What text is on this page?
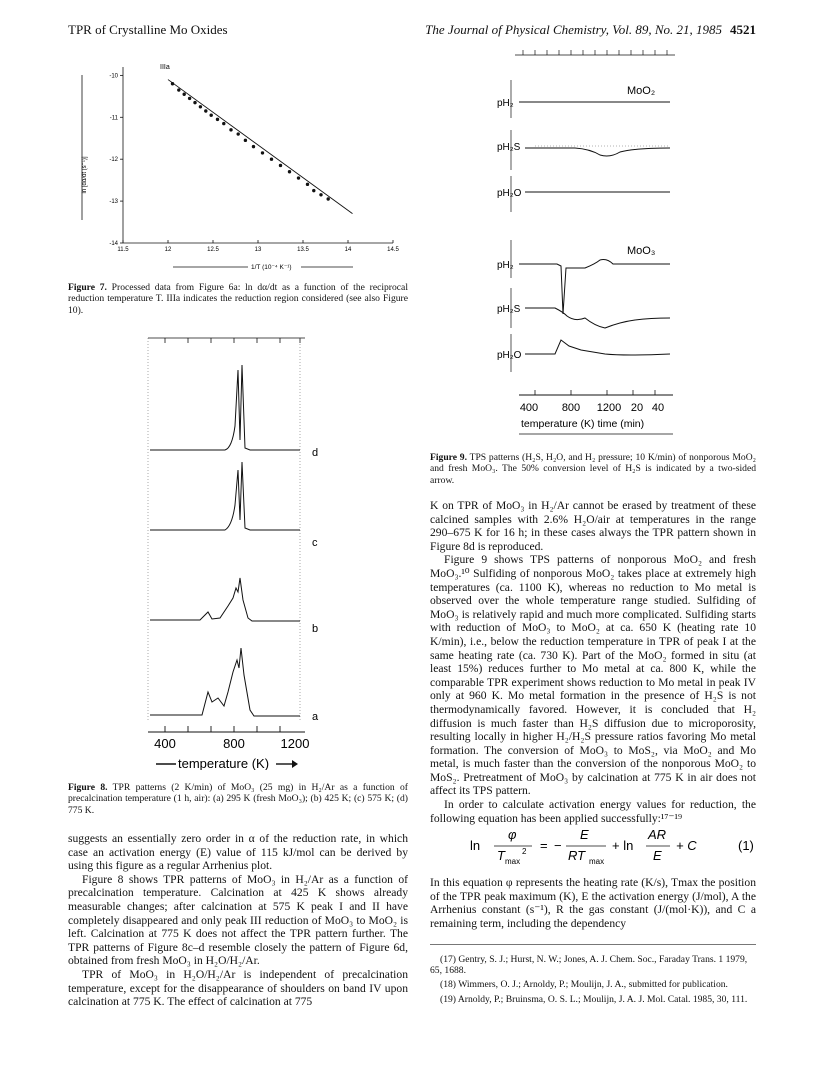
TPR of Crystalline Mo Oxides	The Journal of Physical Chemistry, Vol. 89, No. 21, 1985 4521
ln [dα/dt (s⁻¹)]
-10
-11
-12
-13
-14
11.5	12	12.5	13	13.5	14	14.5
IIIa
1/T (10⁻⁴ K⁻¹)
Figure 7. Processed data from Figure 6a: ln dα/dt as a function of the reciprocal reduction temperature T. IIIa indicates the reduction region considered (see also Figure 10).
d
c
b
a
400	800	1200
temperature (K)
Figure 8. TPR patterns (2 K/min) of MoO₃ (25 mg) in H₂/Ar as a function of precalcination temperature (1 h, air): (a) 295 K (fresh MoO₃); (b) 425 K; (c) 575 K; (d) 775 K.

suggests an essentially zero order in α of the reduction rate, in which case an activation energy (E) value of 115 kJ/mol can be derived by using this figure as a regular Arrhenius plot.

Figure 8 shows TPR patterns of MoO₃ in H₂/Ar as a function of precalcination temperature. Calcination at 425 K shows already measurable changes; after calcination at 575 K peak I and II have completely disappeared and only peak III reduction of MoO₃ to MoO₂ is left. Calcination at 775 K does not affect the TPR pattern further. The TPR patterns of Figure 8c–d resemble closely the pattern of Figure 6d, obtained from fresh MoO₃ in H₂O/H₂/Ar.

TPR of MoO₃ in H₂O/H₂/Ar is independent of precalcination temperature, except for the disappearance of shoulders on band IV upon calcination at 775 K. The effect of calcination at 775

MoO₂
pH₂
pH₂S
pH₂O
MoO₃
pH₂
pH₂S
pH₂O
400 800 1200 20 40
temperature (K) time (min)
Figure 9. TPS patterns (H₂S, H₂O, and H₂ pressure; 10 K/min) of nonporous MoO₂ and fresh MoO₃. The 50% conversion level of H₂S is indicated by a two-sided arrow.

K on TPR of MoO₃ in H₂/Ar cannot be erased by treatment of these calcined samples with 2.6% H₂O/air at temperatures in the range 290–675 K for 16 h; in these cases always the TPR pattern shown in Figure 8d is reproduced.

Figure 9 shows TPS patterns of nonporous MoO₂ and fresh MoO₃.¹⁰ Sulfiding of nonporous MoO₂ takes place at extremely high temperatures (ca. 1100 K), whereas no reduction to Mo metal is observed over the whole temperature range studied. Sulfiding of MoO₃ is relatively rapid and much more complicated. Sulfiding starts with reduction of MoO₃ to MoO₂ at ca. 650 K (heating rate 10 K/min), i.e., below the reduction temperature in TPR of peak I at the same heating rate (ca. 730 K). Part of the MoO₂ formed in situ (at least 15%) reduces further to Mo metal at ca. 800 K, while the comparable TPR experiment shows reduction to Mo metal in peak IV only at 960 K. Mo metal formation in the presence of H₂S is not thermodynamically favored. However, it is concluded that H₂ diffusion is much faster than H₂S diffusion due to microporosity, resulting locally in higher H₂/H₂S pressure ratios favoring Mo metal formation. The conversion of MoO₃ to MoS₂, via MoO₂ and Mo metal, is much faster than the conversion of the nonporous MoO₂ to MoS₂. Pretreatment of MoO₃ by calcination at 775 K in air does not affect its TPS pattern.

In order to calculate activation energy values for reduction, the following equation has been applied successfully:¹⁷⁻¹⁹

ln
φ
T 2
max
= −
E
RT max
+ ln
AR
E
+ C	(1)

In this equation φ represents the heating rate (K/s), Tmax the position of the TPR peak maximum (K), E the activation energy (J/mol), A the Arrhenius constant (s⁻¹), R the gas constant (J/(mol·K)), and C a remaining term, including the dependency

(17) Gentry, S. J.; Hurst, N. W.; Jones, A. J. Chem. Soc., Faraday Trans. 1 1979, 65, 1688.

(18) Wimmers, O. J.; Arnoldy, P.; Moulijn, J. A., submitted for publication.

(19) Arnoldy, P.; Bruinsma, O. S. L.; Moulijn, J. A. J. Mol. Catal. 1985, 30, 111.
